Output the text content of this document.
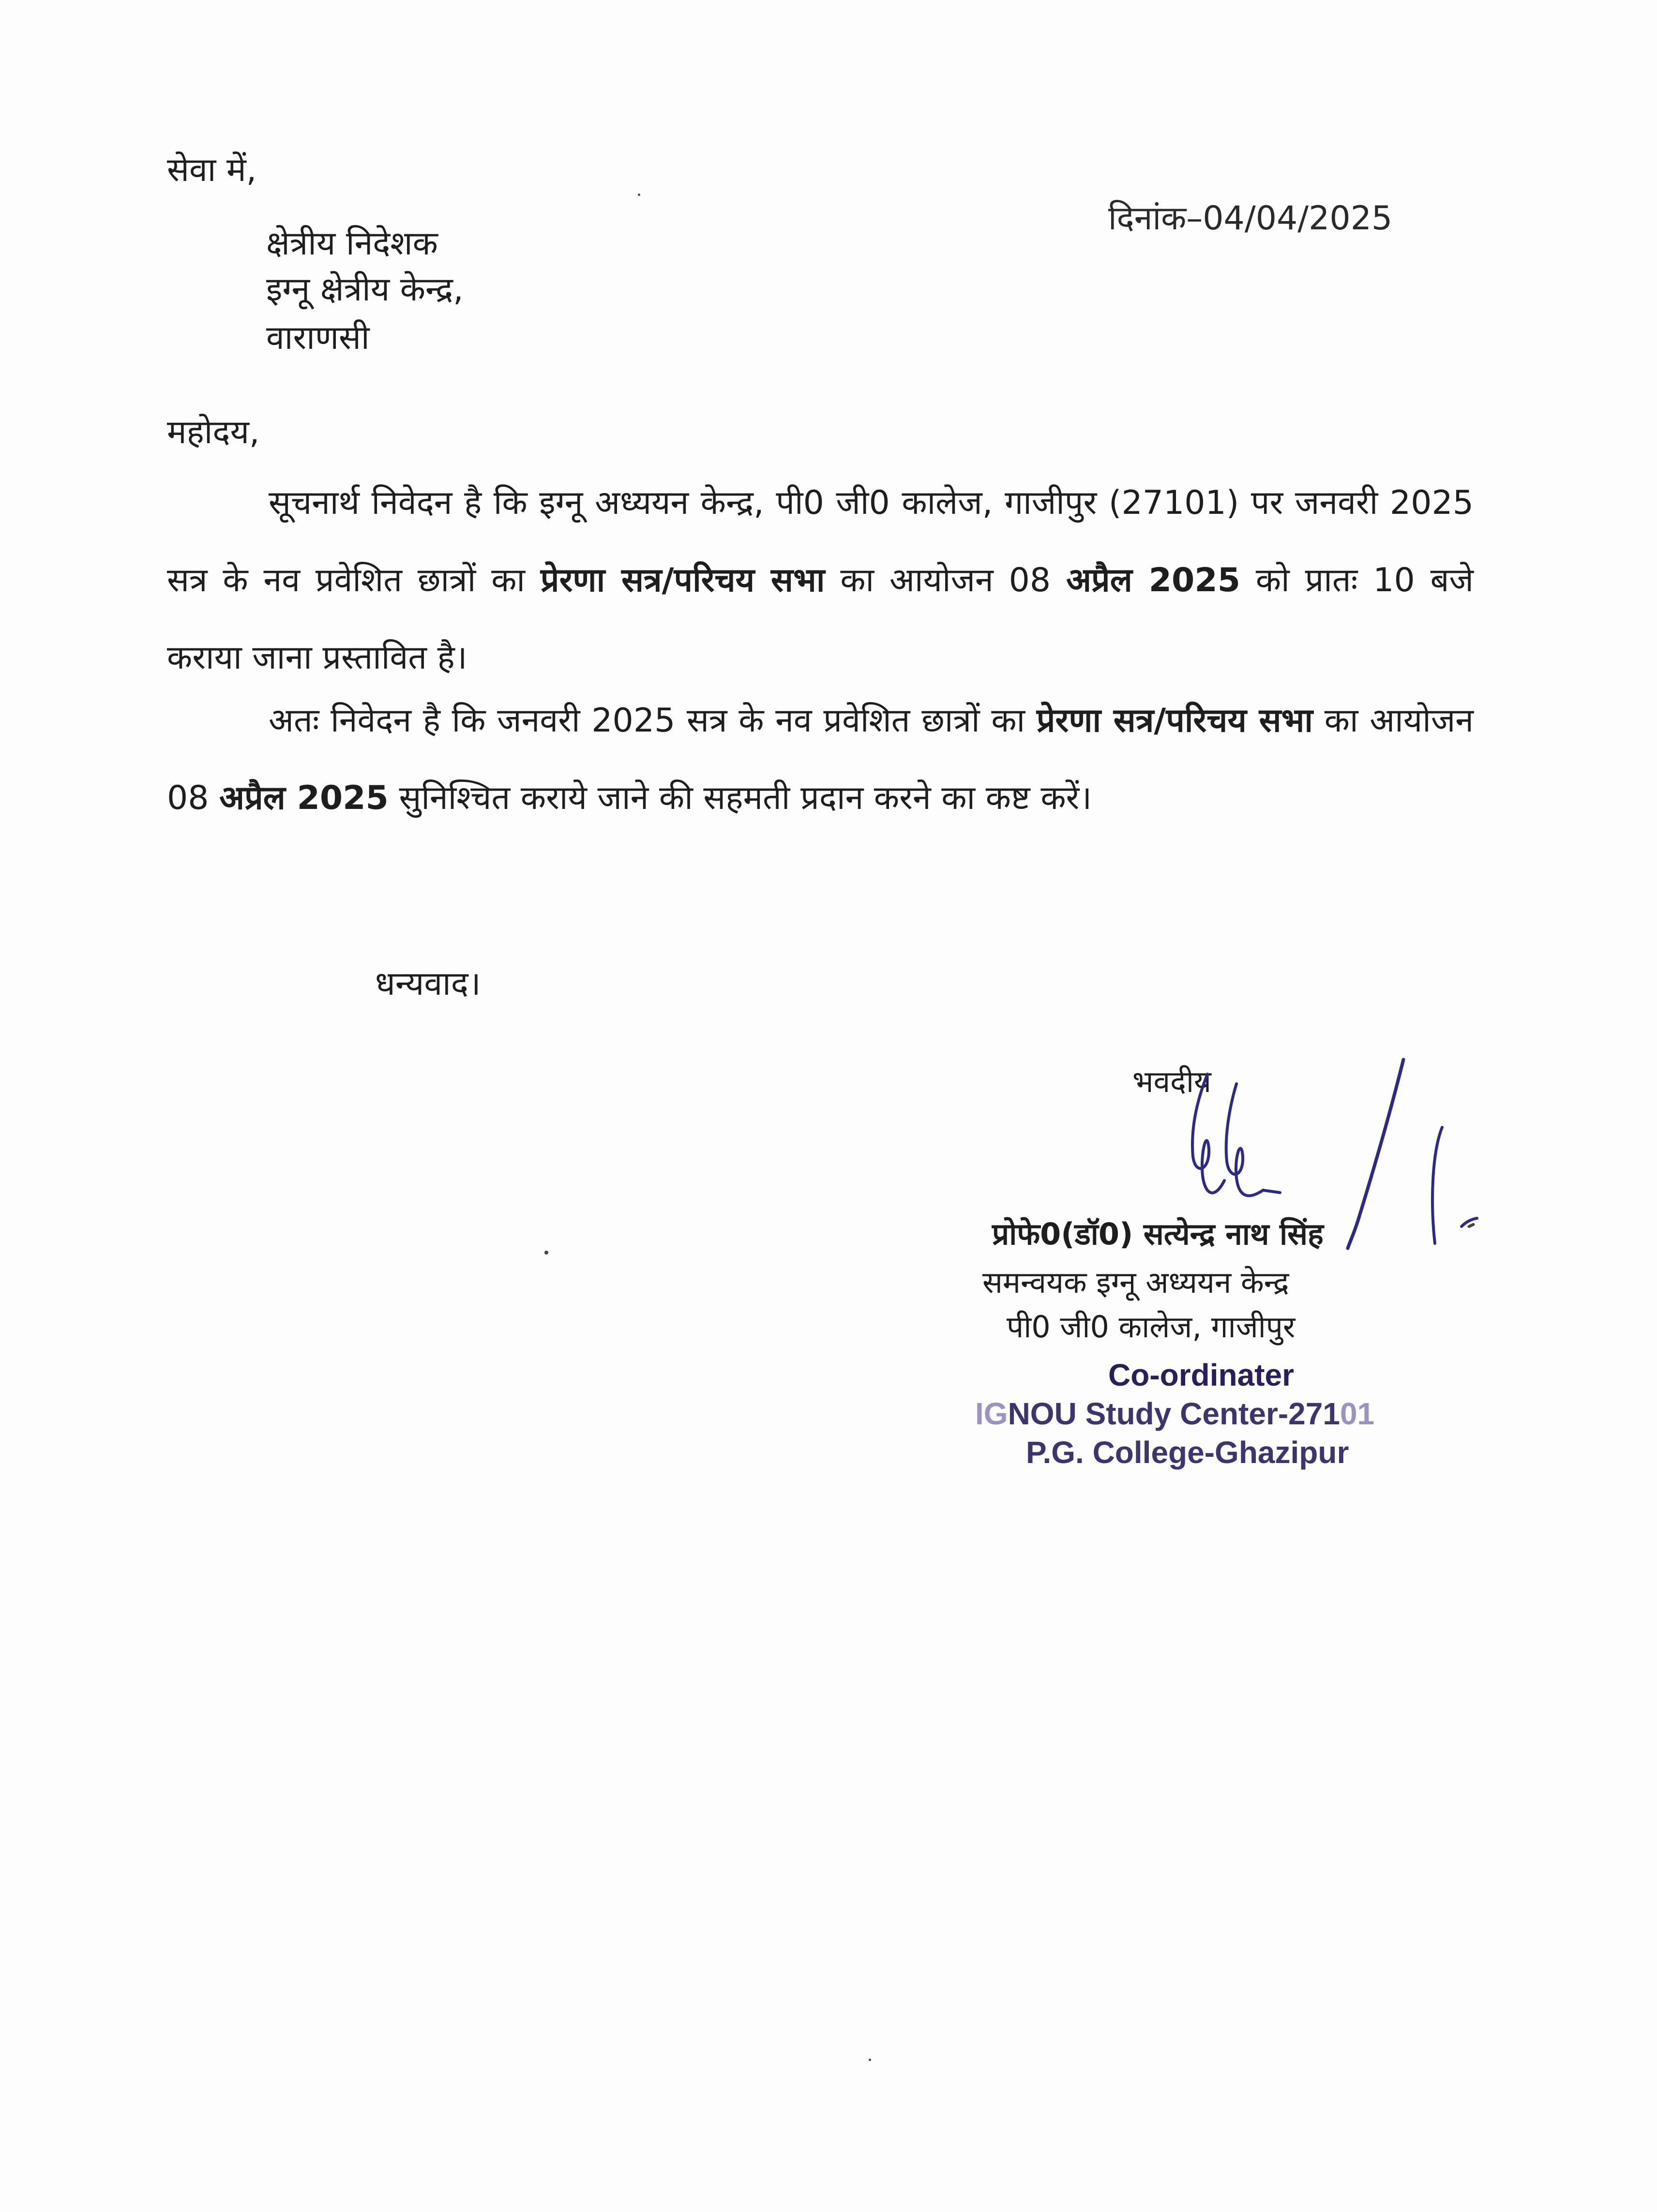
सेवा में,
दिनांक–04/04/2025
क्षेत्रीय निदेशक
इग्नू क्षेत्रीय केन्द्र,
वाराणसी
महोदय,

सूचनार्थ निवेदन है कि इग्नू अध्ययन केन्द्र, पी0 जी0 कालेज, गाजीपुर (27101) पर जनवरी 2025 सत्र के नव प्रवेशित छात्रों का प्रेरणा सत्र/परिचय सभा का आयोजन 08 अप्रैल 2025 को प्रातः 10 बजे कराया जाना प्रस्तावित है।

अतः निवेदन है कि जनवरी 2025 सत्र के नव प्रवेशित छात्रों का प्रेरणा सत्र/परिचय सभा का आयोजन 08 अप्रैल 2025 सुनिश्चित कराये जाने की सहमती प्रदान करने का कष्ट करें।

धन्यवाद।
भवदीय
प्रोफे0(डॉ0) सत्येन्द्र नाथ सिंह
समन्वयक इग्नू अध्ययन केन्द्र
पी0 जी0 कालेज, गाजीपुर
Co-ordinater
IGNOU Study Center-27101
P.G. College-Ghazipur
